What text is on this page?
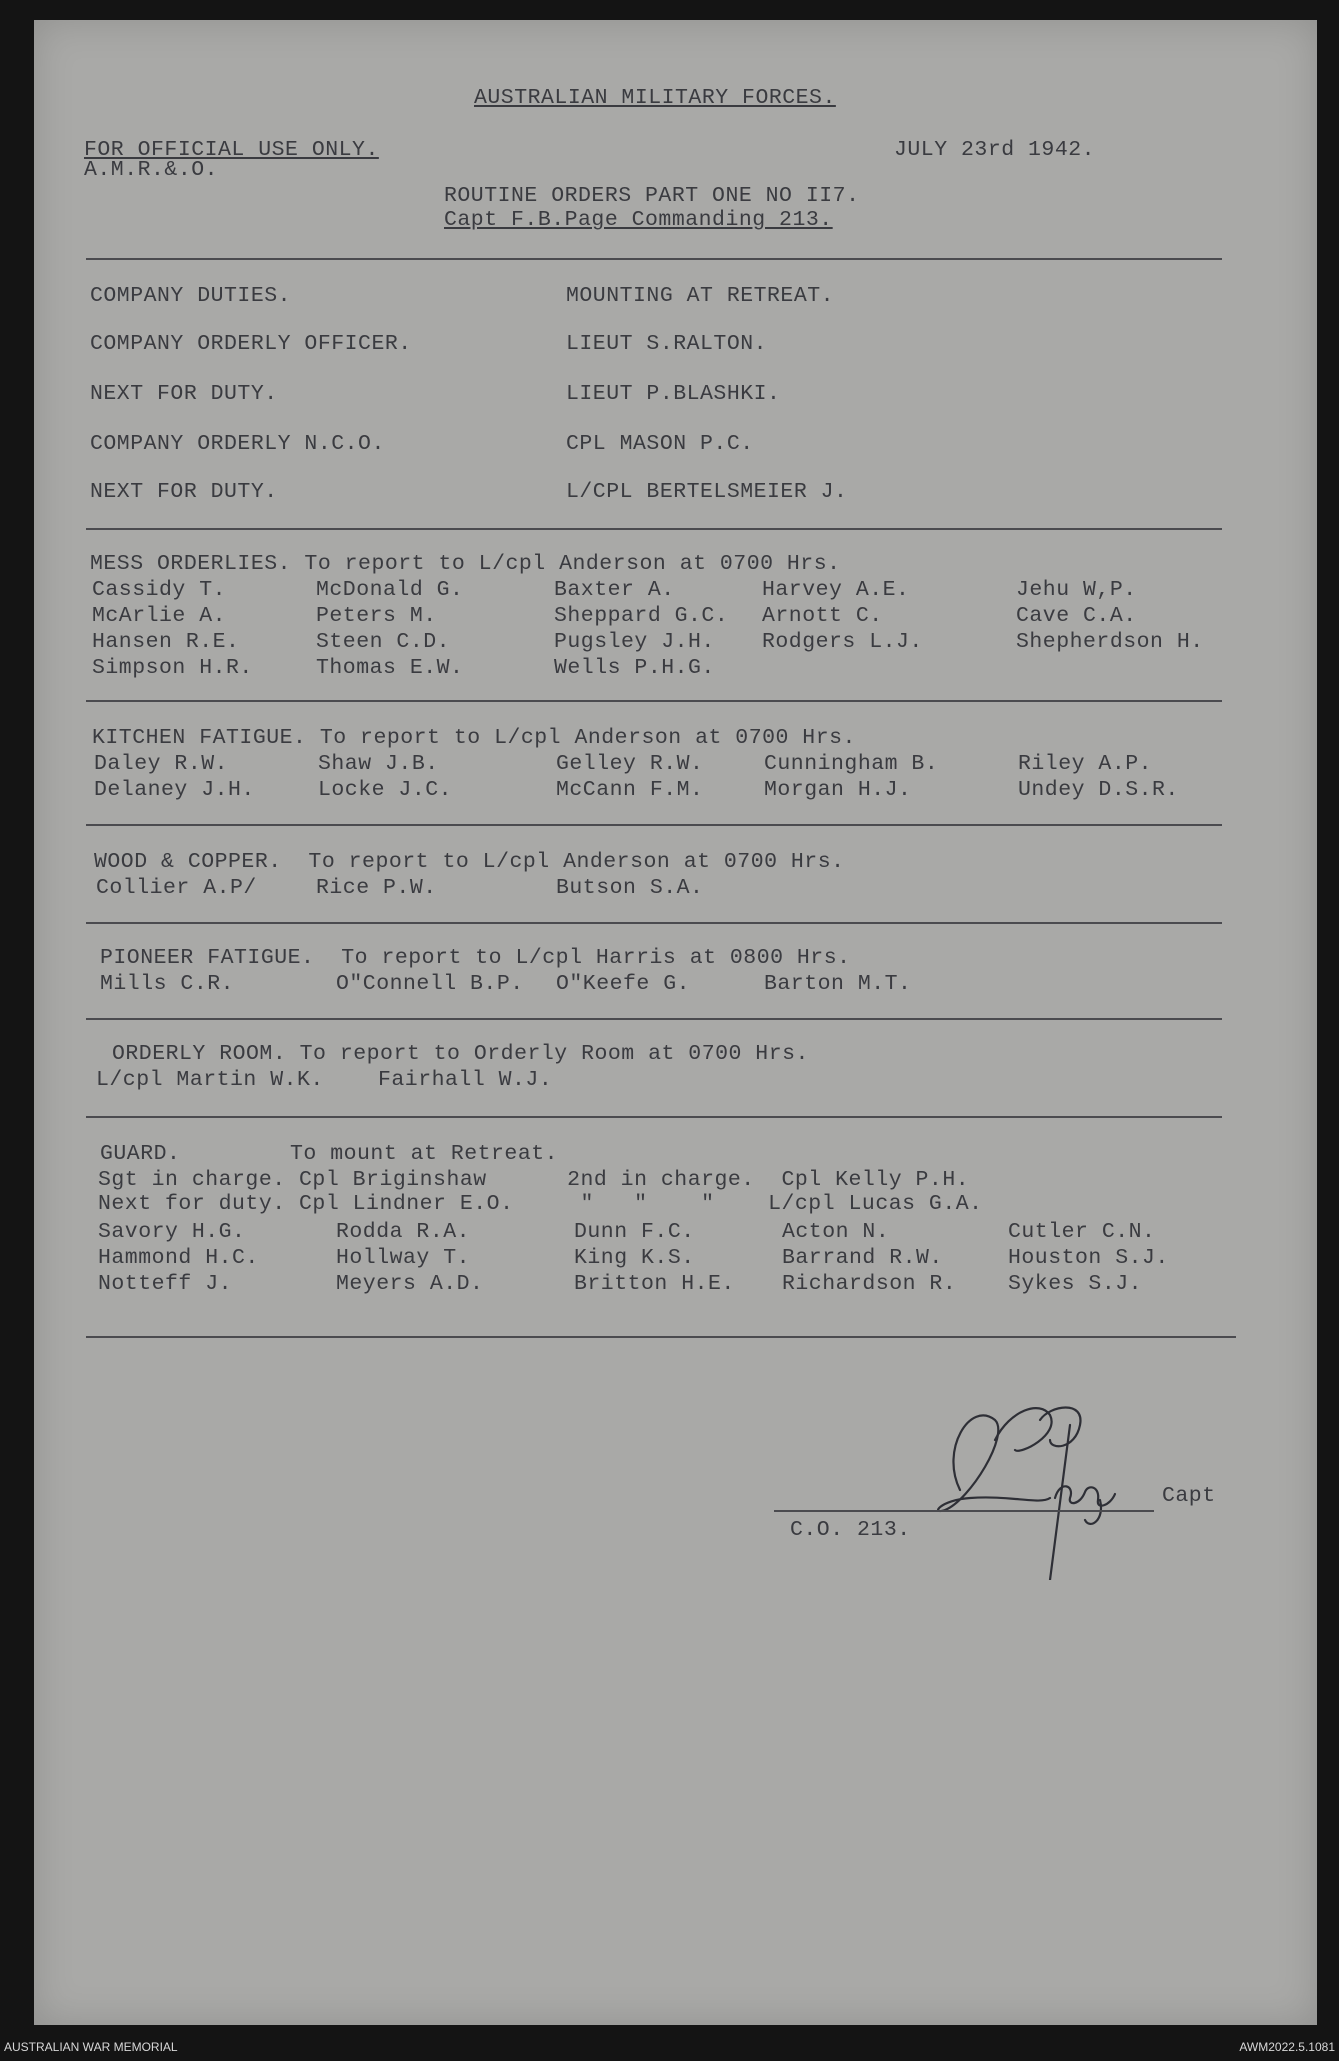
AUSTRALIAN MILITARY FORCES.
FOR OFFICIAL USE ONLY.
A.M.R.&.O.
JULY 23rd 1942.
ROUTINE ORDERS PART ONE NO II7.
Capt F.B.Page Commanding 213.
COMPANY DUTIES.	MOUNTING AT RETREAT.
COMPANY ORDERLY OFFICER.	LIEUT S.RALTON.
NEXT FOR DUTY.	LIEUT P.BLASHKI.
COMPANY ORDERLY N.C.O.	CPL MASON P.C.
NEXT FOR DUTY.	L/CPL BERTELSMEIER J.
MESS ORDERLIES. To report to L/cpl Anderson at 0700 Hrs.
Cassidy T.	McDonald G.	Baxter A.	Harvey A.E.	Jehu W,P.
McArlie A.	Peters M.	Sheppard G.C. Arnott C.	Cave C.A.
Hansen R.E.	Steen C.D.	Pugsley J.H. Rodgers L.J.	Shepherdson H.
Simpson H.R.	Thomas E.W.	Wells P.H.G.
KITCHEN FATIGUE. To report to L/cpl Anderson at 0700 Hrs.
Daley R.W.	Shaw J.B.	Gelley R.W.	Cunningham B.	Riley A.P.
Delaney J.H.	Locke J.C.	McCann F.M.	Morgan H.J.	Undey D.S.R.
WOOD & COPPER.  To report to L/cpl Anderson at 0700 Hrs.
Collier A.P/	Rice P.W.	Butson S.A.
PIONEER FATIGUE.  To report to L/cpl Harris at 0800 Hrs.
Mills C.R.	O"Connell B.P. O"Keefe G.	Barton M.T.
ORDERLY ROOM. To report to Orderly Room at 0700 Hrs.
L/cpl Martin W.K.	Fairhall W.J.
GUARD.	To mount at Retreat.
Sgt in charge. Cpl Briginshaw      2nd in charge.  Cpl Kelly P.H.
Next for duty. Cpl Lindner E.O.     "   "    "    L/cpl Lucas G.A.
Savory H.G.	Rodda R.A.	Dunn F.C.	Acton N.	Cutler C.N.
Hammond H.C.	Hollway T.	King K.S.	Barrand R.W.	Houston S.J.
Notteff J.	Meyers A.D.	Britton H.E. Richardson R. Sykes S.J.
Capt
C.O. 213.
AUSTRALIAN WAR MEMORIAL	AWM2022.5.1081
